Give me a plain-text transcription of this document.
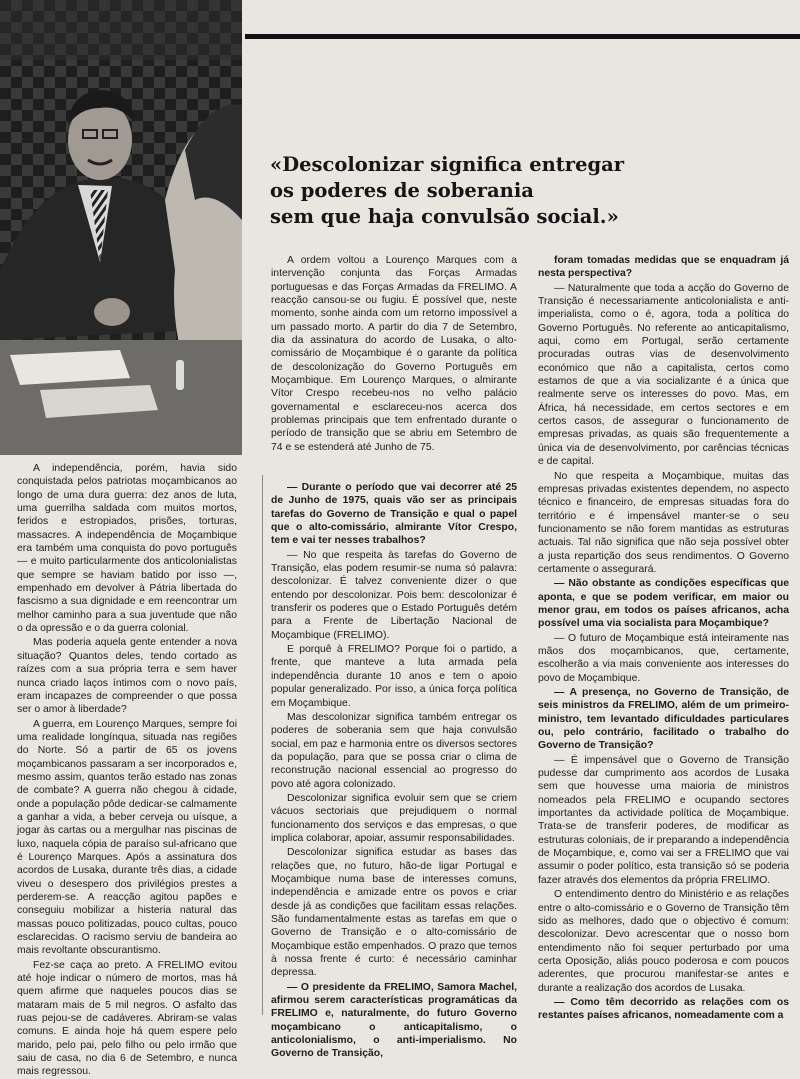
«Descolonizar significa entregar
os poderes de soberania
sem que haja convulsão social.»

A independência, porém, havia sido conquistada pelos patriotas moçambicanos ao longo de uma dura guerra: dez anos de luta, uma guerrilha saldada com muitos mortos, feridos e estropiados, prisões, torturas, massacres. A independência de Moçambique era também uma conquista do povo português — e muito particularmente dos anticolonialistas que sempre se haviam batido por isso —, empenhado em devolver à Pátria libertada do fascismo a sua dignidade e em reencontrar um melhor caminho para a sua juventude que não o da opressão e o da guerra colonial.

Mas poderia aquela gente entender a nova situação? Quantos deles, tendo cortado as raízes com a sua própria terra e sem haver nunca criado laços íntimos com o novo país, eram incapazes de compreender o que possa ser o amor à liberdade?

A guerra, em Lourenço Marques, sempre foi uma realidade longínqua, situada nas regiões do Norte. Só a partir de 65 os jovens moçambicanos passaram a ser incorporados e, mesmo assim, quantos terão estado nas zonas de combate? A guerra não chegou à cidade, onde a população pôde dedicar-se calmamente a ganhar a vida, a beber cerveja ou uísque, a jogar às cartas ou a mergulhar nas piscinas de luxo, naquela cópia de paraíso sul-africano que é Lourenço Marques. Após a assinatura dos acordos de Lusaka, durante três dias, a cidade viveu o desespero dos privilégios prestes a perderem-se. A reacção agitou papões e conseguiu mobilizar a histeria natural das massas pouco politizadas, pouco cultas, pouco esclarecidas. O racismo serviu de bandeira ao mais revoltante obscurantismo.

Fez-se caça ao preto. A FRELIMO evitou até hoje indicar o número de mortos, mas há quem afirme que naqueles poucos dias se mataram mais de 5 mil negros. O asfalto das ruas pejou-se de cadáveres. Abriram-se valas comuns. E ainda hoje há quem espere pelo marido, pelo pai, pelo filho ou pelo irmão que saiu de casa, no dia 6 de Setembro, e nunca mais regressou.

A ordem voltou a Lourenço Marques com a intervenção conjunta das Forças Armadas portuguesas e das Forças Armadas da FRELIMO. A reacção cansou-se ou fugiu. É possível que, neste momento, sonhe ainda com um retorno impossível a um passado morto. A partir do dia 7 de Setembro, dia da assinatura do acordo de Lusaka, o alto-comissário de Moçambique é o garante da política de descolonização do Governo Português em Moçambique. Em Lourenço Marques, o almirante Vítor Crespo recebeu-nos no velho palácio governamental e esclareceu-nos acerca dos problemas principais que tem enfrentado durante o período de transição que se abriu em Setembro de 74 e se estenderá até Junho de 75.

— Durante o período que vai decorrer até 25 de Junho de 1975, quais vão ser as principais tarefas do Governo de Transição e qual o papel que o alto-comissário, almirante Vítor Crespo, tem e vai ter nesses trabalhos?

— No que respeita às tarefas do Governo de Transição, elas podem resumir-se numa só palavra: descolonizar. É talvez conveniente dizer o que entendo por descolonizar. Pois bem: descolonizar é transferir os poderes que o Estado Português detém para a Frente de Libertação Nacional de Moçambique (FRELIMO).

E porquê à FRELIMO? Porque foi o partido, a frente, que manteve a luta armada pela independência durante 10 anos e tem o apoio popular generalizado. Por isso, a única força política em Moçambique.

Mas descolonizar significa também entregar os poderes de soberania sem que haja convulsão social, em paz e harmonia entre os diversos sectores da população, para que se possa criar o clima de reconstrução nacional essencial ao progresso do povo até agora colonizado.

Descolonizar significa evoluir sem que se criem vácuos sectoriais que prejudiquem o normal funcionamento dos serviços e das empresas, o que implica colaborar, apoiar, assumir responsabilidades.

Descolonizar significa estudar as bases das relações que, no futuro, hão-de ligar Portugal e Moçambique numa base de interesses comuns, independência e amizade entre os povos e criar desde já as condições que facilitam essas relações. São fundamentalmente estas as tarefas em que o Governo de Transição e o alto-comissário de Moçambique estão empenhados. O prazo que temos à nossa frente é curto: é necessário caminhar depressa.

— O presidente da FRELIMO, Samora Machel, afirmou serem características programáticas da FRELIMO e, naturalmente, do futuro Governo moçambicano o anticapitalismo, o anticolonialismo, o anti-imperialismo. No Governo de Transição,

foram tomadas medidas que se enquadram já nesta perspectiva?

— Naturalmente que toda a acção do Governo de Transição é necessariamente anticolonialista e anti-imperialista, como o é, agora, toda a política do Governo Português. No referente ao anticapitalismo, aqui, como em Portugal, serão certamente procuradas outras vias de desenvolvimento económico que não a capitalista, certos como estamos de que a via socializante é a única que realmente serve os interesses do povo. Mas, em África, há necessidade, em certos sectores e em certos casos, de assegurar o funcionamento de empresas privadas, as quais são frequentemente a única via de desenvolvimento, por carências técnicas e de capital.

No que respeita a Moçambique, muitas das empresas privadas existentes dependem, no aspecto técnico e financeiro, de empresas situadas fora do território e é impensável manter-se o seu funcionamento se não forem mantidas as estruturas actuais. Tal não significa que não seja possível obter a justa repartição dos seus rendimentos. O Governo certamente o assegurará.

— Não obstante as condições específicas que aponta, e que se podem verificar, em maior ou menor grau, em todos os países africanos, acha possível uma via socialista para Moçambique?

— O futuro de Moçambique está inteiramente nas mãos dos moçambicanos, que, certamente, escolherão a via mais conveniente aos interesses do povo de Moçambique.

— A presença, no Governo de Transição, de seis ministros da FRELIMO, além de um primeiro-ministro, tem levantado dificuldades particulares ou, pelo contrário, facilitado o trabalho do Governo de Transição?

— É impensável que o Governo de Transição pudesse dar cumprimento aos acordos de Lusaka sem que houvesse uma maioria de ministros nomeados pela FRELIMO e ocupando sectores importantes da actividade política de Moçambique. Trata-se de transferir poderes, de modificar as estruturas coloniais, de ir preparando a independência de Moçambique, e, como vai ser a FRELIMO que vai assumir o poder político, esta transição só se poderia fazer através dos elementos da própria FRELIMO.

O entendimento dentro do Ministério e as relações entre o alto-comissário e o Governo de Transição têm sido as melhores, dado que o objectivo é comum: descolonizar. Devo acrescentar que o nosso bom entendimento não foi sequer perturbado por uma certa Oposição, aliás pouco poderosa e com poucos aderentes, que procurou manifestar-se antes e durante a realização dos acordos de Lusaka.

— Como têm decorrido as relações com os restantes países africanos, nomeadamente com a
